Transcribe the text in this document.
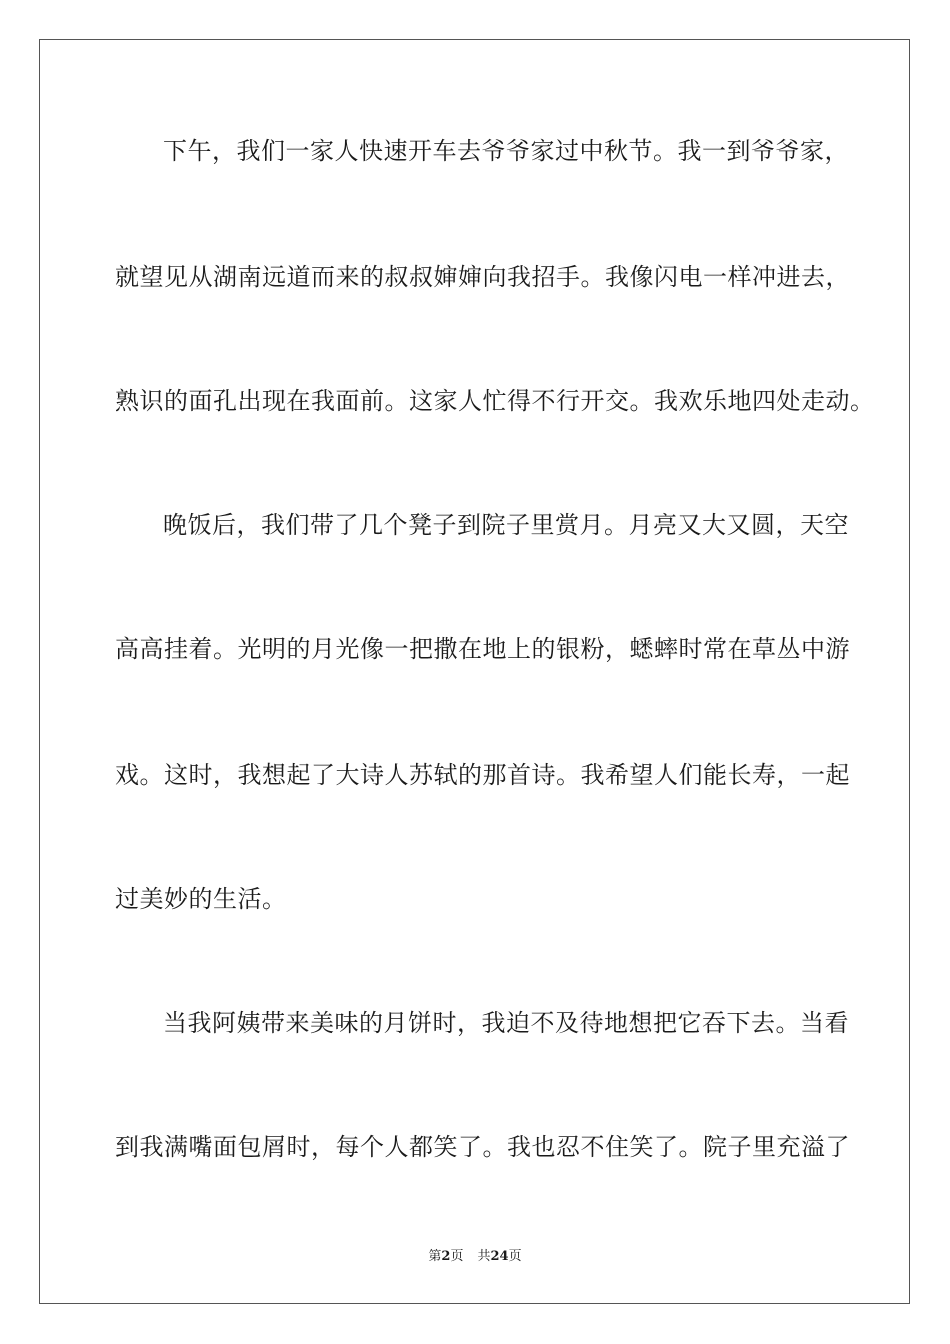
下午，我们一家人快速开车去爷爷家过中秋节。我一到爷爷家，
就望见从湖南远道而来的叔叔婶婶向我招手。我像闪电一样冲进去，
熟识的面孔出现在我面前。这家人忙得不行开交。我欢乐地四处走动。
晚饭后，我们带了几个凳子到院子里赏月。月亮又大又圆，天空
高高挂着。光明的月光像一把撒在地上的银粉，蟋蟀时常在草丛中游
戏。这时，我想起了大诗人苏轼的那首诗。我希望人们能长寿，一起
过美妙的生活。
当我阿姨带来美味的月饼时，我迫不及待地想把它吞下去。当看
到我满嘴面包屑时，每个人都笑了。我也忍不住笑了。院子里充溢了
第2页 共24页
